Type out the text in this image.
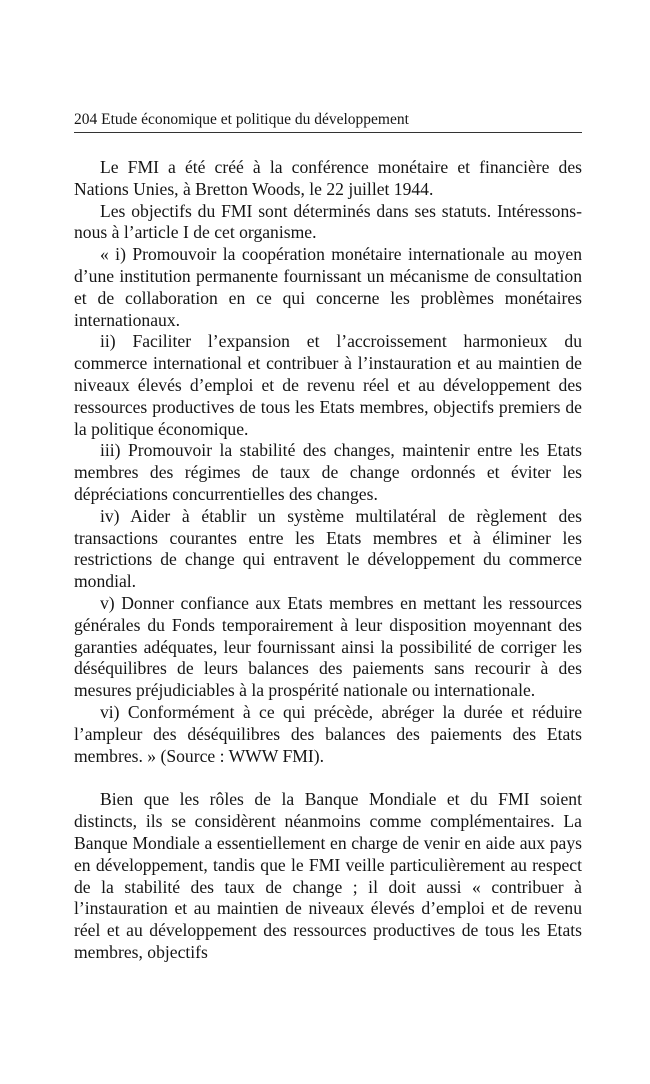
204 Etude économique et politique du développement

Le FMI a été créé à la conférence monétaire et financière des Nations Unies, à Bretton Woods, le 22 juillet 1944.

Les objectifs du FMI sont déterminés dans ses statuts. Intéressons-nous à l’article I de cet organisme.

« i) Promouvoir la coopération monétaire internationale au moyen d’une institution permanente fournissant un mécanisme de consultation et de collaboration en ce qui concerne les problèmes monétaires internationaux.

ii) Faciliter l’expansion et l’accroissement harmonieux du commerce international et contribuer à l’instauration et au maintien de niveaux élevés d’emploi et de revenu réel et au développement des ressources productives de tous les Etats membres, objectifs premiers de la politique économique.

iii) Promouvoir la stabilité des changes, maintenir entre les Etats membres des régimes de taux de change ordonnés et éviter les dépréciations concurrentielles des changes.

iv) Aider à établir un système multilatéral de règlement des transactions courantes entre les Etats membres et à éliminer les restrictions de change qui entravent le développement du commerce mondial.

v) Donner confiance aux Etats membres en mettant les ressources générales du Fonds temporairement à leur disposition moyennant des garanties adéquates, leur fournissant ainsi la possibilité de corriger les déséquilibres de leurs balances des paiements sans recourir à des mesures préjudiciables à la prospérité nationale ou internationale.

vi) Conformément à ce qui précède, abréger la durée et réduire l’ampleur des déséquilibres des balances des paiements des Etats membres. » (Source : WWW FMI).

Bien que les rôles de la Banque Mondiale et du FMI soient distincts, ils se considèrent néanmoins comme complémentaires. La Banque Mondiale a essentiellement en charge de venir en aide aux pays en développement, tandis que le FMI veille particulièrement au respect de la stabilité des taux de change ; il doit aussi « contribuer à l’instauration et au maintien de niveaux élevés d’emploi et de revenu réel et au développement des ressources productives de tous les Etats membres, objectifs
